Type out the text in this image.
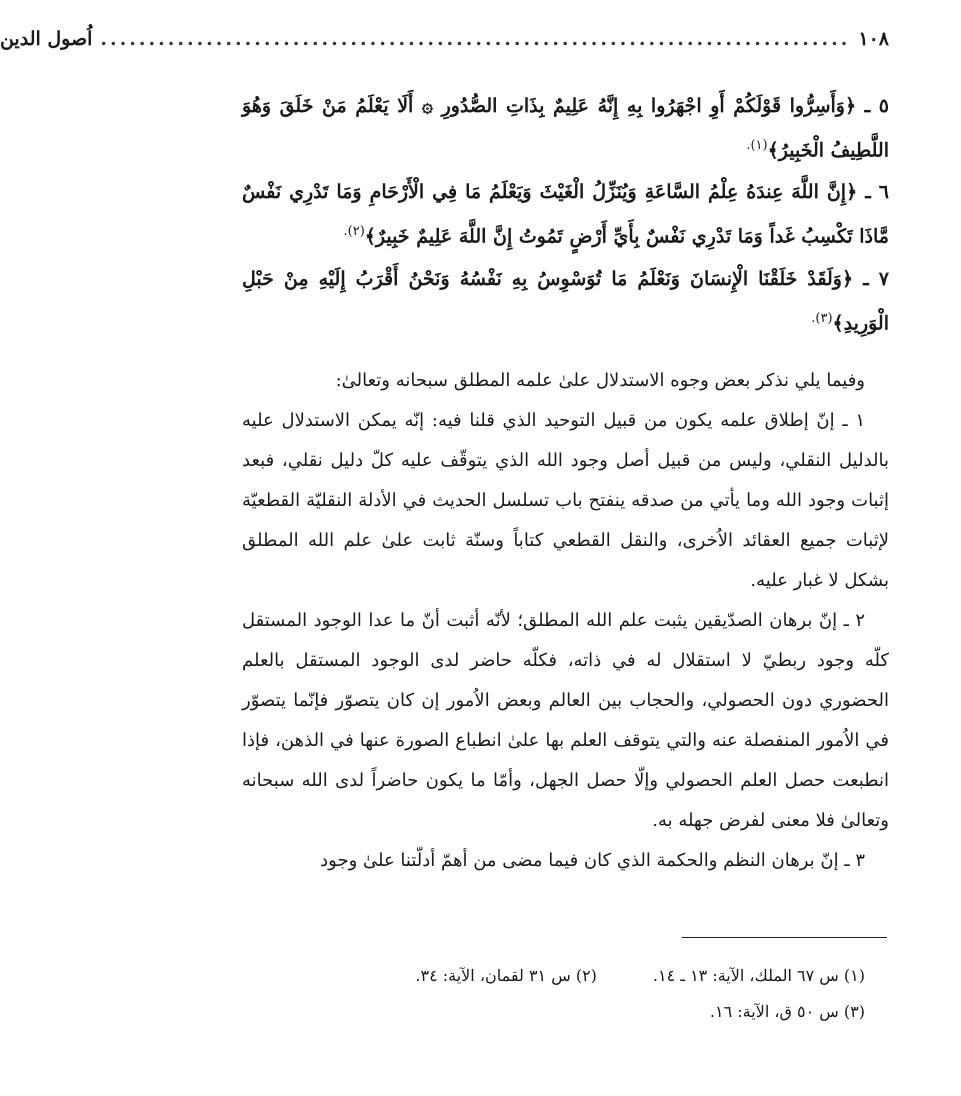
١٠٨
..............................................................................
اُصول الدين

٥ ـ ﴿وَأَسِرُّوا قَوْلَكُمْ أَوِ اجْهَرُوا بِهِ إِنَّهُ عَلِيمٌ بِذَاتِ الصُّدُورِ ۞ أَلَا يَعْلَمُ مَنْ خَلَقَ وَهُوَ اللَّطِيفُ الْخَبِيرُ﴾$^{(١).}$

٦ ـ ﴿إِنَّ اللَّهَ عِندَهُ عِلْمُ السَّاعَةِ وَيُنَزِّلُ الْغَيْثَ وَيَعْلَمُ مَا فِي الْأَرْحَامِ وَمَا تَدْرِي نَفْسٌ مَّاذَا تَكْسِبُ غَداً وَمَا تَدْرِي نَفْسٌ بِأَيِّ أَرْضٍ تَمُوتُ إِنَّ اللَّهَ عَلِيمٌ خَبِيرٌ﴾$^{(٢).}$

٧ ـ ﴿وَلَقَدْ خَلَقْنَا الْإِنسَانَ وَنَعْلَمُ مَا تُوَسْوِسُ بِهِ نَفْسُهُ وَنَحْنُ أَقْرَبُ إِلَيْهِ مِنْ حَبْلِ الْوَرِيدِ﴾$^{(٣).}$

وفيما يلي نذكر بعض وجوه الاستدلال علىٰ علمه المطلق سبحانه وتعالىٰ:

١ ـ إنّ إطلاق علمه يكون من قبيل التوحيد الذي قلنا فيه: إنّه يمكن الاستدلال عليه بالدليل النقلي، وليس من قبيل أصل وجود الله الذي يتوقّف عليه كلّ دليل نقلي، فبعد إثبات وجود الله وما يأتي من صدقه ينفتح باب تسلسل الحديث في الأدلة النقليّة القطعيّة لإثبات جميع العقائد الاُخرى، والنقل القطعي كتاباً وسنّة ثابت علىٰ علم الله المطلق بشكل لا غبار عليه.

٢ ـ إنّ برهان الصدّيقين يثبت علم الله المطلق؛ لأنّه أثبت أنّ ما عدا الوجود المستقل كلّه وجود ربطيّ لا استقلال له في ذاته، فكلّه حاضر لدى الوجود المستقل بالعلم الحضوري دون الحصولي، والحجاب بين العالم وبعض الاُمور إن كان يتصوّر فإنّما يتصوّر في الاُمور المنفصلة عنه والتي يتوقف العلم بها علىٰ انطباع الصورة عنها في الذهن، فإذا انطبعت حصل العلم الحصولي وإلّا حصل الجهل، وأمّا ما يكون حاضراً لدى الله سبحانه وتعالىٰ فلا معنى لفرض جهله به.

٣ ـ إنّ برهان النظم والحكمة الذي كان فيما مضى من أهمّ أدلّتنا علىٰ وجود

(١) س ٦٧ الملك، الآية: ١٣ ـ ١٤.
(٢) س ٣١ لقمان، الآية: ٣٤.
(٣) س ٥٠ ق، الآية: ١٦.
